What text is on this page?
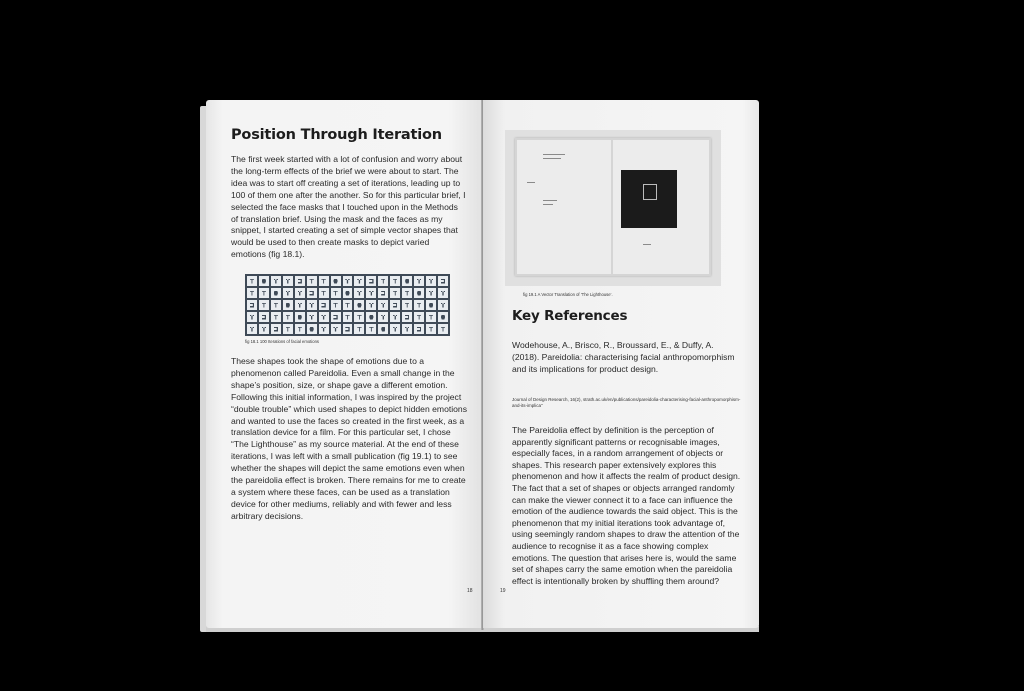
Position Through Iteration

The first week started with a lot of confusion and worry about the long-term effects of the brief we were about to start. The idea was to start off creating a set of iterations, leading up to 100 of them one after the another. So for this particular brief, I selected the face masks that I touched upon in the Methods of translation brief. Using the mask and the faces as my snippet, I started creating a set of simple vector shapes that would be used to then create masks to depict varied emotions (fig 18.1).

fig 18.1 100 Iterations of facial emotions

These shapes took the shape of emotions due to a phenomenon called Pareidolia. Even a small change in the shape’s position, size, or shape gave a different emotion. Following this initial information, I was inspired by the project “double trouble” which used shapes to depict hidden emotions and wanted to use the faces so created in the first week, as a translation device for a film. For this particular set, I chose “The Lighthouse” as my source material. At the end of these iterations, I was left with a small publication (fig 19.1) to see whether the shapes will depict the same emotions even when the pareidolia effect is broken. There remains for me to create a system where these faces, can be used as a translation device for other mediums, reliably and with fewer and less arbitrary decisions.

18
fig 19.1 A Vector Translation of ‘The Lighthouse’.
Key References

Wodehouse, A., Brisco, R., Broussard, E., & Duffy, A. (2018). Pareidolia: characterising facial anthropomorphism and its implications for product design.

Journal of Design Research, 16(2), strath.ac.uk/en/publications/pareidolia-characterising-facial-anthropomorphism-and-its-implica"

The Pareidolia effect by definition is the perception of apparently significant patterns or recognisable images, especially faces, in a random arrangement of objects or shapes. This research paper extensively explores this phenomenon and how it affects the realm of product design. The fact that a set of shapes or objects arranged randomly can make the viewer connect it to a face can influence the emotion of the audience towards the said object. This is the phenomenon that my initial iterations took advantage of, using seemingly random shapes to draw the attention of the audience to recognise it as a face showing complex emotions. The question that arises here is, would the same set of shapes carry the same emotion when the pareidolia effect is intentionally broken by shuffling them around?

19
